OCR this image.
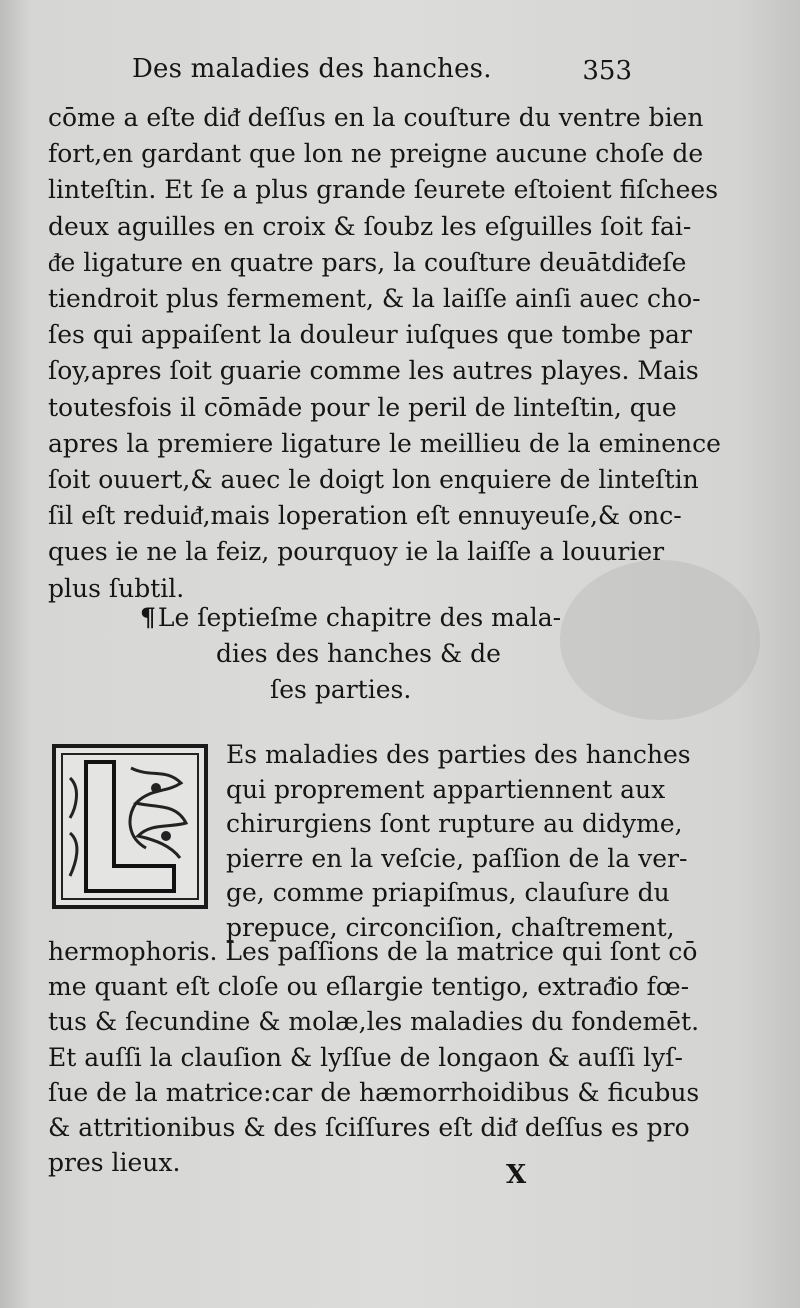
Des maladies des hanches.	353
cōme a eſte diᵭ deſſus en la couſture du ventre bien
fort,en gardant que lon ne preigne aucune choſe de
linteſtin. Et ſe a plus grande ſeurete eſtoient fiſchees
deux aguilles en croix & ſoubz les eſguilles ſoit fai-
ᵭe ligature en quatre pars, la couſture deuātdiᵭeſe
tiendroit plus fermement, & la laiſſe ainſi auec cho-
ſes qui appaiſent la douleur iuſques que tombe par
ſoy,apres ſoit guarie comme les autres playes. Mais
toutesfois il cōmāde pour le peril de linteſtin, que
apres la premiere ligature le meillieu de la eminence
ſoit ouuert,& auec le doigt lon enquiere de linteſtin
ſil eſt reduiᵭ,mais loperation eſt ennuyeuſe,& onc-
ques ie ne la feiz, pourquoy ie la laiſſe a louurier
plus ſubtil.
¶Le ſeptieſme chapitre des mala-
dies des hanches & de
ſes parties.
Es maladies des parties des hanches
qui proprement appartiennent aux
chirurgiens ſont rupture au didyme,
pierre en la veſcie, paſſion de la ver-
ge, comme priapiſmus, clauſure du
prepuce, circonciſion, chaſtrement,
hermophoris. Les paſſions de la matrice qui ſont cō
me quant eſt cloſe ou eſlargie tentigo, extraᵭio fœ-
tus & ſecundine & molæ,les maladies du fondemēt.
Et auſſi la clauſion & lyſſue de longaon & auſſi lyſ-
ſue de la matrice:car de hæmorrhoidibus & ficubus
& attritionibus & des ſciſſures eſt diᵭ deſſus es pro
pres lieux.	X
